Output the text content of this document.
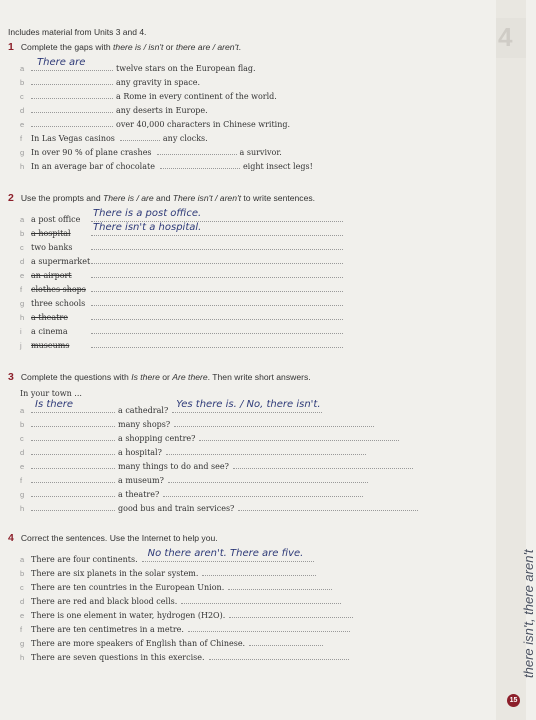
4
Includes material from Units 3 and 4.
1 Complete the gaps with there is / isn't or there are / aren't.
a
There are
twelve stars on the European flag.
b	any gravity in space.
c	a Rome in every continent of the world.
d	any deserts in Europe.
e	over 40,000 characters in Chinese writing.
f In Las Vegas casinos	any clocks.
g In over 90 % of plane crashes	a survivor.
h In an average bar of chocolate	eight insect legs!
2 Use the prompts and There is / are and There isn't / aren't to write sentences.
a a post office
There is a post office.
b a hospital
There isn't a hospital.
c two banks
d a supermarket
e an airport
f clothes shops
g three schools
h a theatre
i a cinema
j museums
3 Complete the questions with Is there or Are there. Then write short answers.
In your town ...
a
Is there
a cathedral?
Yes there is. / No, there isn't.
b	many shops?
c	a shopping centre?
d	a hospital?
e	many things to do and see?
f	a museum?
g	a theatre?
h	good bus and train services?
4 Correct the sentences. Use the Internet to help you.
a There are four continents.
No there aren't. There are five.
b There are six planets in the solar system.
c There are ten countries in the European Union.
d There are red and black blood cells.
e There is one element in water, hydrogen (H2O).
f There are ten centimetres in a metre.
g There are more speakers of English than of Chinese.
h There are seven questions in this exercise.	there isn't, there aren't
15
